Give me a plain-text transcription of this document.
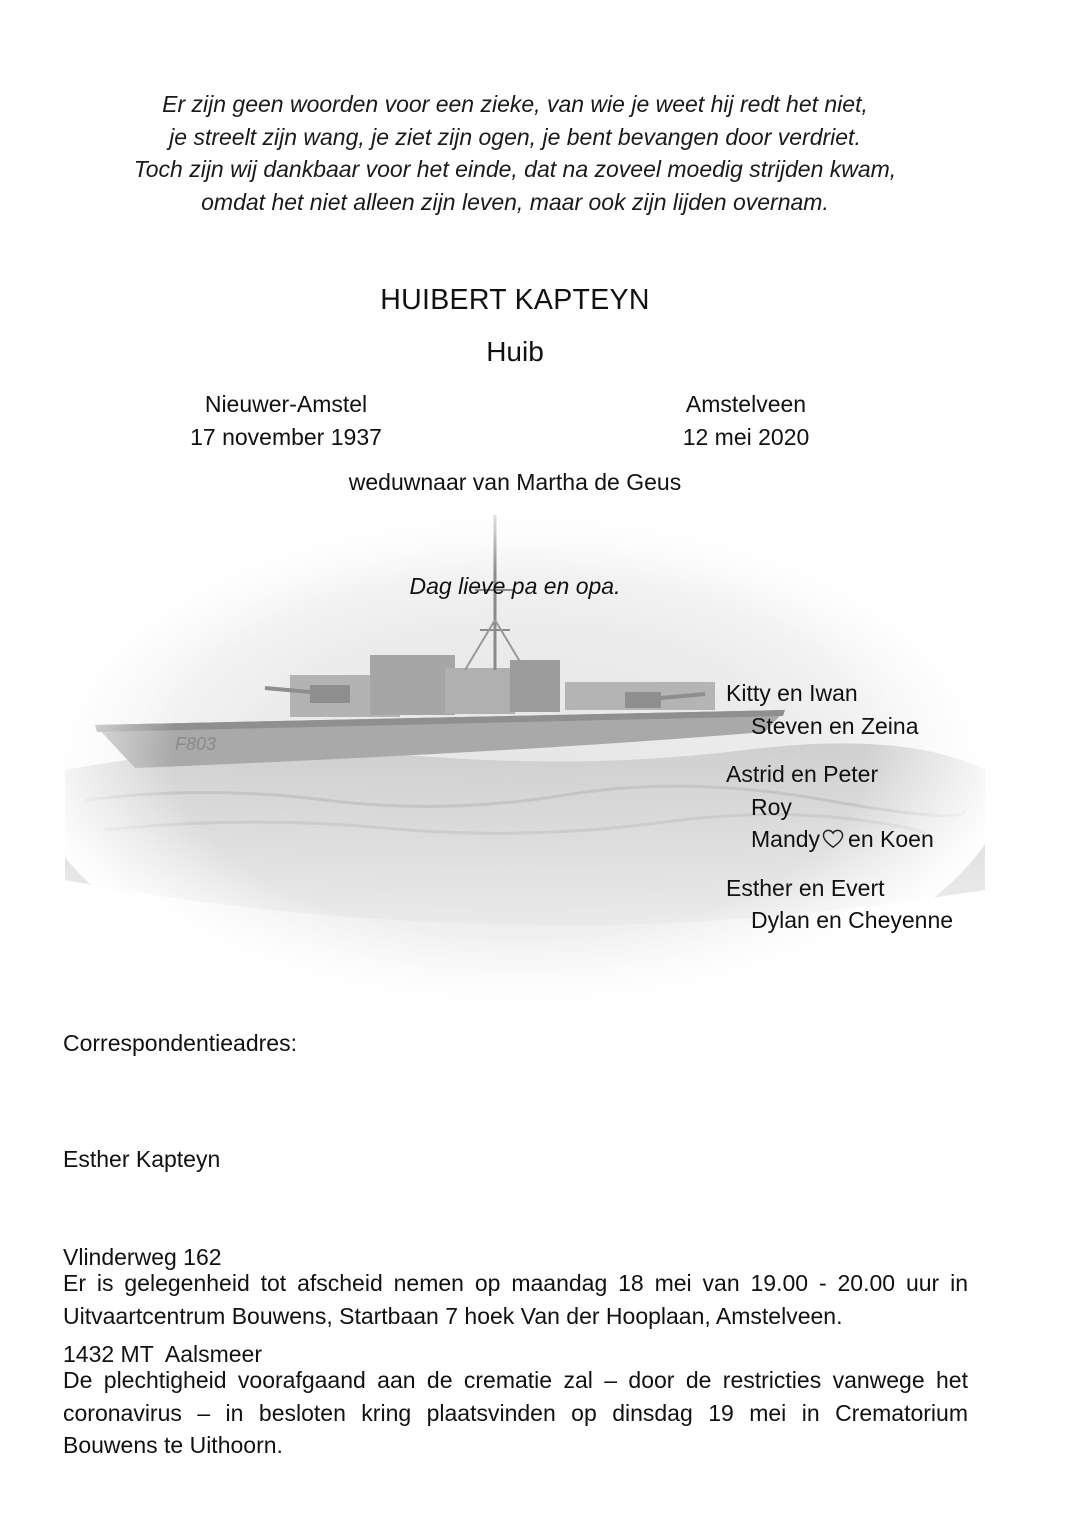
Er zijn geen woorden voor een zieke, van wie je weet hij redt het niet,
je streelt zijn wang, je ziet zijn ogen, je bent bevangen door verdriet.
Toch zijn wij dankbaar voor het einde, dat na zoveel moedig strijden kwam,
omdat het niet alleen zijn leven, maar ook zijn lijden overnam.
HUIBERT KAPTEYN
Huib
Nieuwer-Amstel
17 november 1937
Amstelveen
12 mei 2020
weduwnaar van Martha de Geus
Dag lieve pa en opa.
Kitty en Iwan
Steven en Zeina
Astrid en Peter
Roy
Mandy en Koen
Esther en Evert
Dylan en Cheyenne
Correspondentieadres:

Esther Kapteyn

Vlinderweg 162

1432 MT  Aalsmeer

Er is gelegenheid tot afscheid nemen op maandag 18 mei van 19.00 - 20.00 uur in Uitvaartcentrum Bouwens, Startbaan 7 hoek Van der Hooplaan, Amstelveen.
De plechtigheid voorafgaand aan de crematie zal – door de restricties vanwege het coronavirus – in besloten kring plaatsvinden op dinsdag 19 mei in Crematorium Bouwens te Uithoorn.
